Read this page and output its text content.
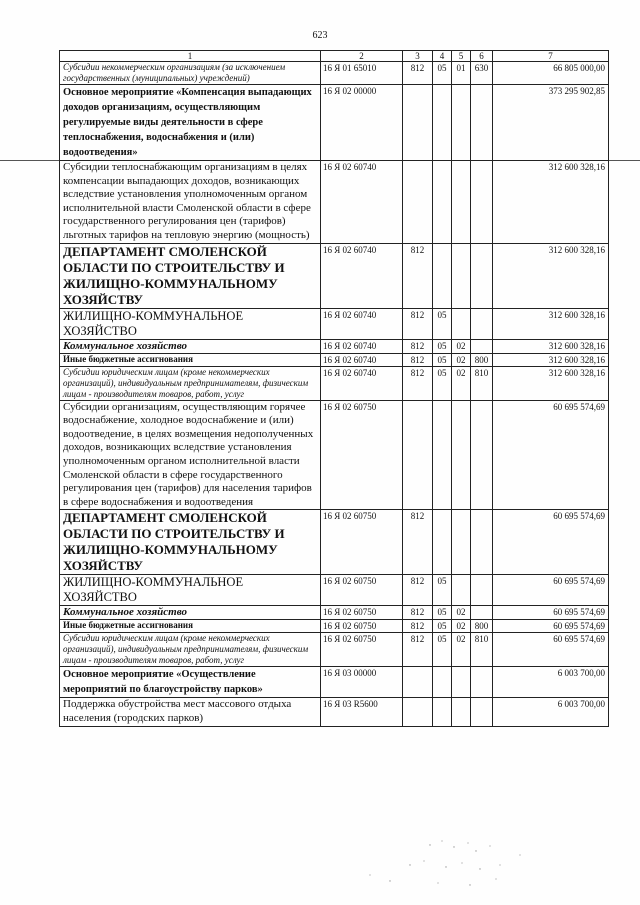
623
1	2	3	4	5	6	7
Субсидии некоммерческим организациям (за исключением государственных (муниципальных) учреждений)	16 Я 01 65010	812	05	01	630	66 805 000,00
Основное мероприятие «Компенсация выпадающих доходов организациям, осуществляющим регулируемые виды деятельности в сфере теплоснабжения, водоснабжения и (или) водоотведения»	16 Я 02 00000					373 295 902,85
Субсидии теплоснабжающим организациям в целях компенсации выпадающих доходов, возникающих вследствие установления уполномоченным органом исполнительной власти Смоленской области в сфере государственного регулирования цен (тарифов) льготных тарифов на тепловую энергию (мощность)	16 Я 02 60740					312 600 328,16
ДЕПАРТАМЕНТ СМОЛЕНСКОЙ ОБЛАСТИ ПО СТРОИТЕЛЬСТВУ И ЖИЛИЩНО-КОММУНАЛЬНОМУ ХОЗЯЙСТВУ	16 Я 02 60740	812				312 600 328,16
ЖИЛИЩНО-КОММУНАЛЬНОЕ ХОЗЯЙСТВО	16 Я 02 60740	812	05			312 600 328,16
Коммунальное хозяйство	16 Я 02 60740	812	05	02		312 600 328,16
Иные бюджетные ассигнования	16 Я 02 60740	812	05	02	800	312 600 328,16
Субсидии юридическим лицам (кроме некоммерческих организаций), индивидуальным предпринимателям, физическим лицам - производителям товаров, работ, услуг	16 Я 02 60740	812	05	02	810	312 600 328,16
Субсидии организациям, осуществляющим горячее водоснабжение, холодное водоснабжение и (или) водоотведение, в целях возмещения недополученных доходов, возникающих вследствие установления уполномоченным органом исполнительной власти Смоленской области в сфере государственного регулирования цен (тарифов) для населения тарифов в сфере водоснабжения и водоотведения	16 Я 02 60750					60 695 574,69
ДЕПАРТАМЕНТ СМОЛЕНСКОЙ ОБЛАСТИ ПО СТРОИТЕЛЬСТВУ И ЖИЛИЩНО-КОММУНАЛЬНОМУ ХОЗЯЙСТВУ	16 Я 02 60750	812				60 695 574,69
ЖИЛИЩНО-КОММУНАЛЬНОЕ ХОЗЯЙСТВО	16 Я 02 60750	812	05			60 695 574,69
Коммунальное хозяйство	16 Я 02 60750	812	05	02		60 695 574,69
Иные бюджетные ассигнования	16 Я 02 60750	812	05	02	800	60 695 574,69
Субсидии юридическим лицам (кроме некоммерческих организаций), индивидуальным предпринимателям, физическим лицам - производителям товаров, работ, услуг	16 Я 02 60750	812	05	02	810	60 695 574,69
Основное мероприятие «Осуществление мероприятий по благоустройству парков»	16 Я 03 00000					6 003 700,00
Поддержка обустройства мест массового отдыха населения (городских парков)	16 Я 03 R5600					6 003 700,00
